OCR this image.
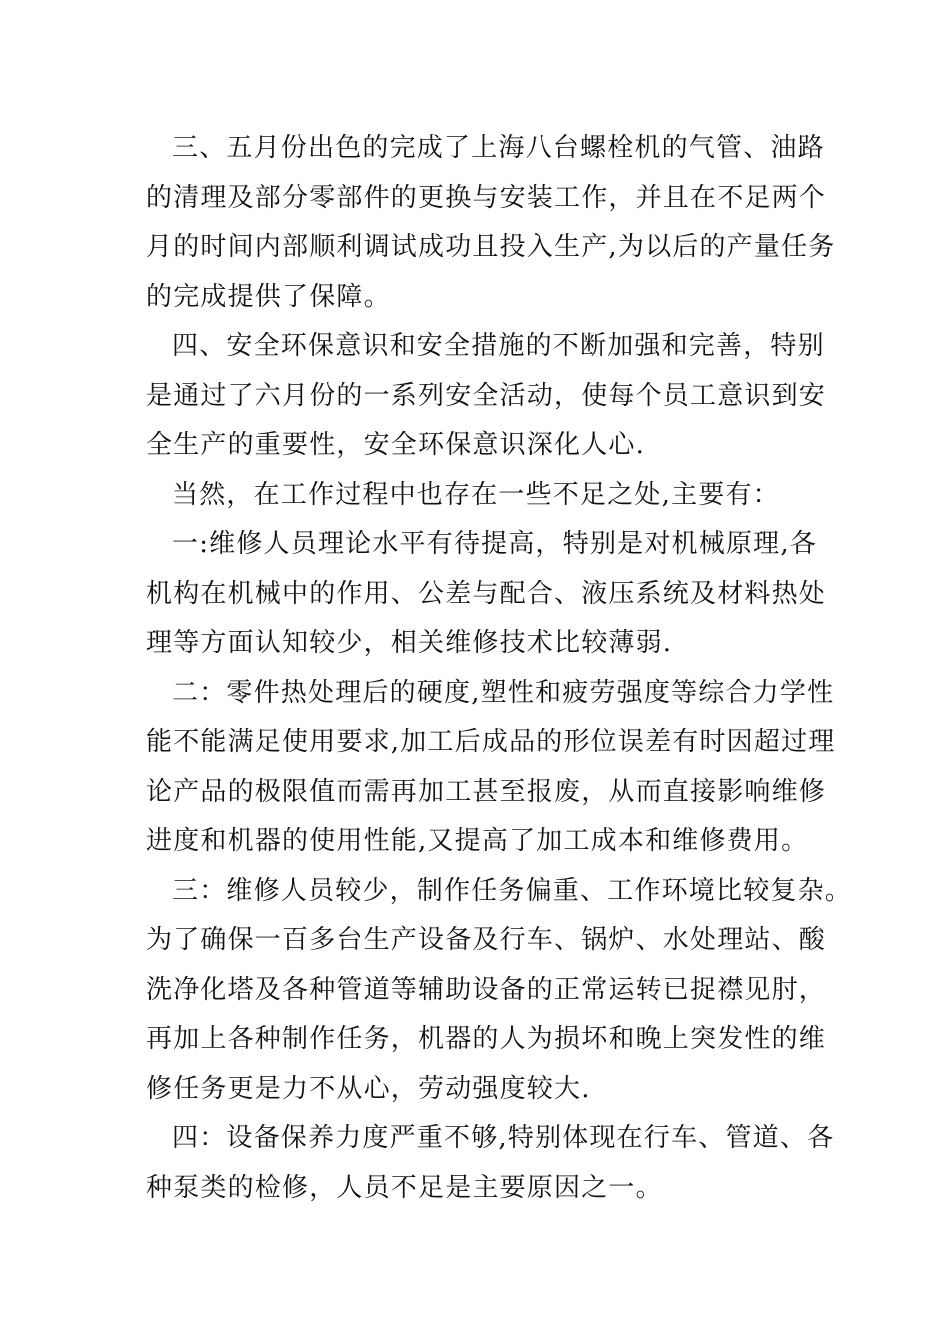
三、五月份出色的完成了上海八台螺栓机的气管、油路
的清理及部分零部件的更换与安装工作，并且在不足两个
月的时间内部顺利调试成功且投入生产,为以后的产量任务
的完成提供了保障。
四、安全环保意识和安全措施的不断加强和完善，特别
是通过了六月份的一系列安全活动，使每个员工意识到安
全生产的重要性，安全环保意识深化人心.
当然，在工作过程中也存在一些不足之处,主要有：
一:维修人员理论水平有待提高，特别是对机械原理,各
机构在机械中的作用、公差与配合、液压系统及材料热处
理等方面认知较少，相关维修技术比较薄弱.
二：零件热处理后的硬度,塑性和疲劳强度等综合力学性
能不能满足使用要求,加工后成品的形位误差有时因超过理
论产品的极限值而需再加工甚至报废，从而直接影响维修
进度和机器的使用性能,又提高了加工成本和维修费用。
三：维修人员较少，制作任务偏重、工作环境比较复杂。
为了确保一百多台生产设备及行车、锅炉、水处理站、酸
洗净化塔及各种管道等辅助设备的正常运转已捉襟见肘，
再加上各种制作任务，机器的人为损坏和晚上突发性的维
修任务更是力不从心，劳动强度较大.
四：设备保养力度严重不够,特别体现在行车、管道、各
种泵类的检修，人员不足是主要原因之一。
